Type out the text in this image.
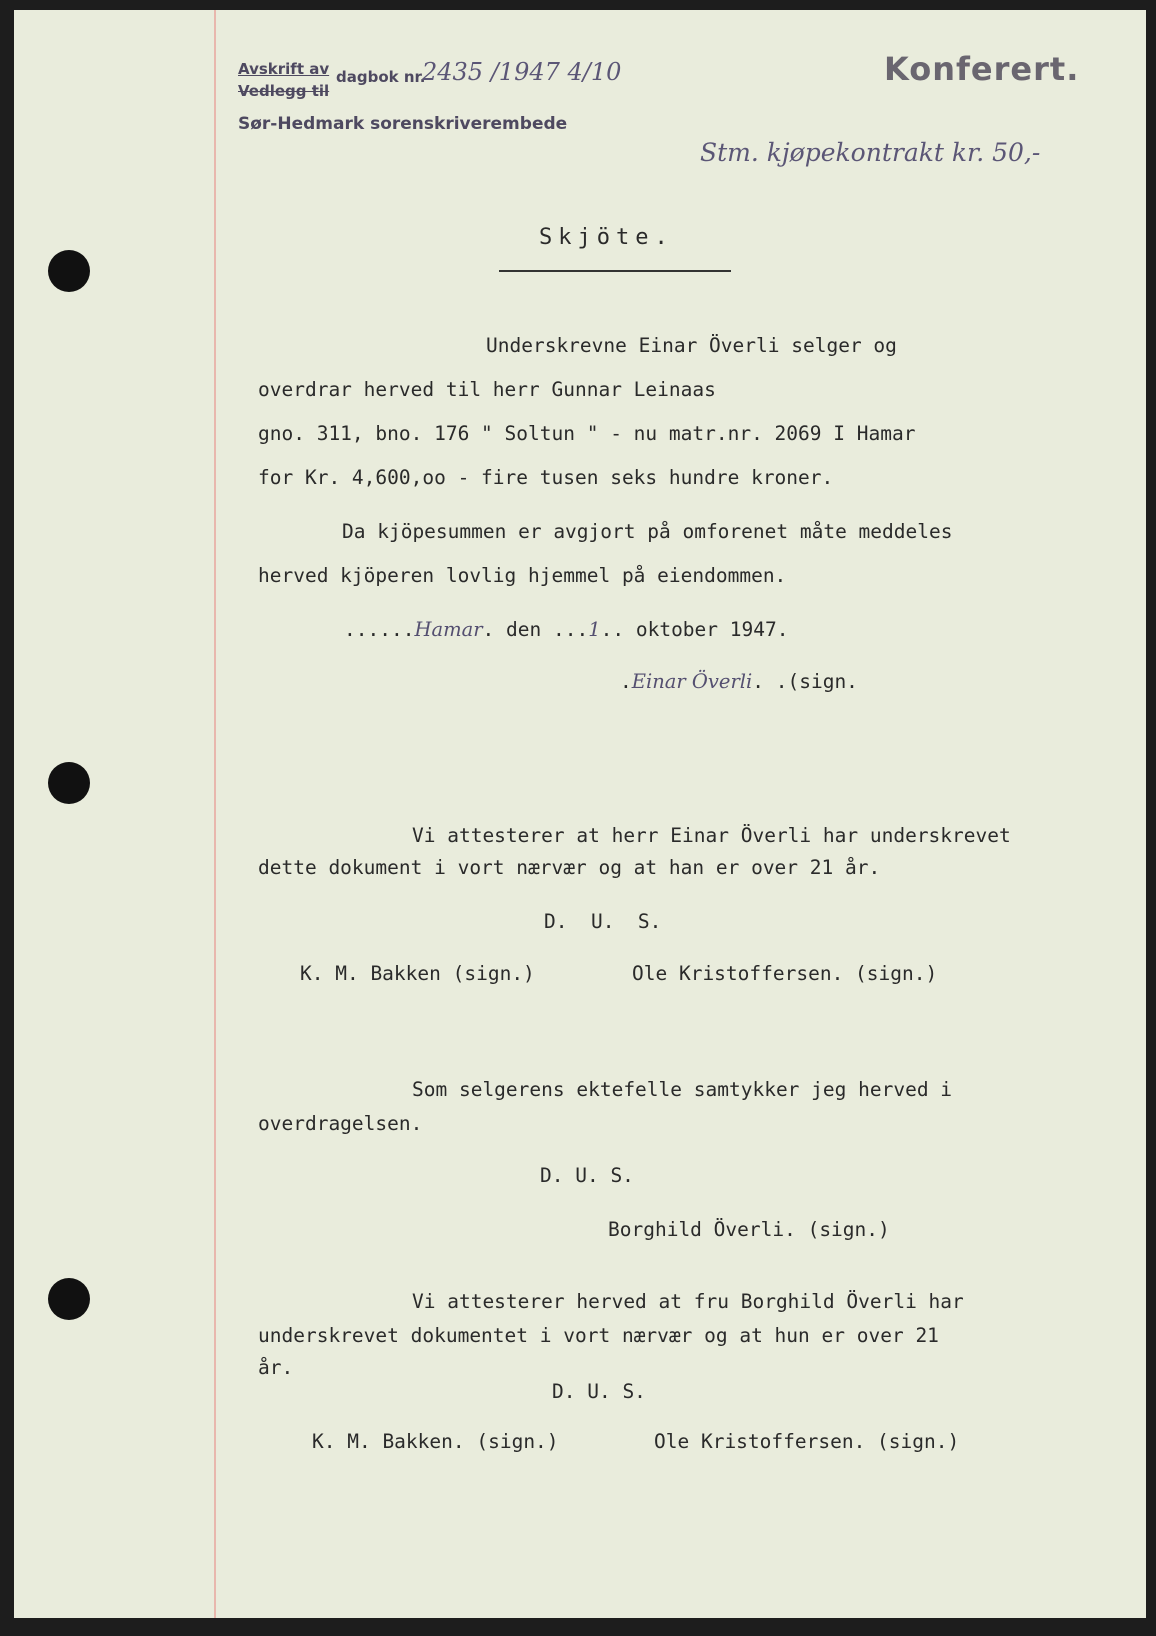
Avskrift av
Vedlegg til
dagbok nr.
2435 /1947 4/10
Sør-Hedmark sorenskriverembede
Konferert.
Stm. kjøpekontrakt kr. 50,-
Skjöte.
Underskrevne Einar Överli selger og
overdrar herved til herr Gunnar Leinaas
gno. 311, bno. 176 " Soltun " - nu matr.nr. 2069 I Hamar
for Kr. 4,600,oo - fire tusen seks hundre kroner.
Da kjöpesummen er avgjort på omforenet måte meddeles
herved kjöperen lovlig hjemmel på eiendommen.
......Hamar. den ...1.. oktober 1947.
.Einar Överli. .(sign.
Vi attesterer at herr Einar Överli har underskrevet
dette dokument i vort nærvær og at han er over 21 år.
D.  U.  S.
K. M. Bakken (sign.)	Ole Kristoffersen. (sign.)
Som selgerens ektefelle samtykker jeg herved i
overdragelsen.
D. U. S.
Borghild Överli. (sign.)
Vi attesterer herved at fru Borghild Överli har
underskrevet dokumentet i vort nærvær og at hun er over 21
år.
D. U. S.
K. M. Bakken. (sign.)	Ole Kristoffersen. (sign.)
